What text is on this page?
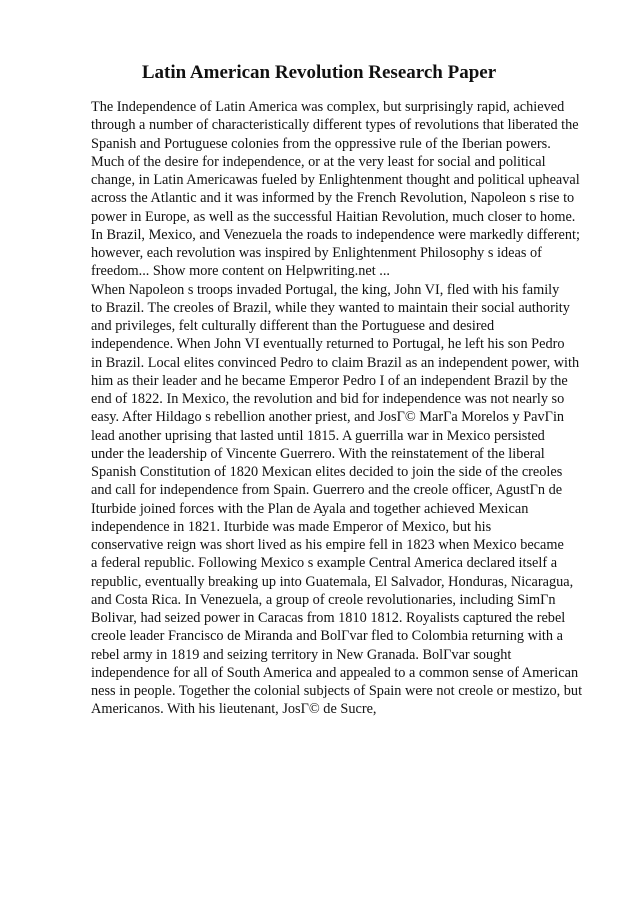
Latin American Revolution Research Paper
The Independence of Latin America was complex, but surprisingly rapid, achieved
through a number of characteristically different types of revolutions that liberated the
Spanish and Portuguese colonies from the oppressive rule of the Iberian powers.
Much of the desire for independence, or at the very least for social and political
change, in Latin Americawas fueled by Enlightenment thought and political upheaval
across the Atlantic and it was informed by the French Revolution, Napoleon s rise to
power in Europe, as well as the successful Haitian Revolution, much closer to home.
In Brazil, Mexico, and Venezuela the roads to independence were markedly different;
however, each revolution was inspired by Enlightenment Philosophy s ideas of
freedom... Show more content on Helpwriting.net ...
When Napoleon s troops invaded Portugal, the king, John VI, fled with his family
to Brazil. The creoles of Brazil, while they wanted to maintain their social authority
and privileges, felt culturally different than the Portuguese and desired
independence. When John VI eventually returned to Portugal, he left his son Pedro
in Brazil. Local elites convinced Pedro to claim Brazil as an independent power, with
him as their leader and he became Emperor Pedro I of an independent Brazil by the
end of 1822. In Mexico, the revolution and bid for independence was not nearly so
easy. After Hildago s rebellion another priest, and JosГ© MarГa Morelos y PavГin
lead another uprising that lasted until 1815. A guerrilla war in Mexico persisted
under the leadership of Vincente Guerrero. With the reinstatement of the liberal
Spanish Constitution of 1820 Mexican elites decided to join the side of the creoles
and call for independence from Spain. Guerrero and the creole officer, AgustГn de
Iturbide joined forces with the Plan de Ayala and together achieved Mexican
independence in 1821. Iturbide was made Emperor of Mexico, but his
conservative reign was short lived as his empire fell in 1823 when Mexico became
a federal republic. Following Mexico s example Central America declared itself a
republic, eventually breaking up into Guatemala, El Salvador, Honduras, Nicaragua,
and Costa Rica. In Venezuela, a group of creole revolutionaries, including SimГn
Bolivar, had seized power in Caracas from 1810 1812. Royalists captured the rebel
creole leader Francisco de Miranda and BolГvar fled to Colombia returning with a
rebel army in 1819 and seizing territory in New Granada. BolГvar sought
independence for all of South America and appealed to a common sense of American
ness in people. Together the colonial subjects of Spain were not creole or mestizo, but
Americanos. With his lieutenant, JosГ© de Sucre,
